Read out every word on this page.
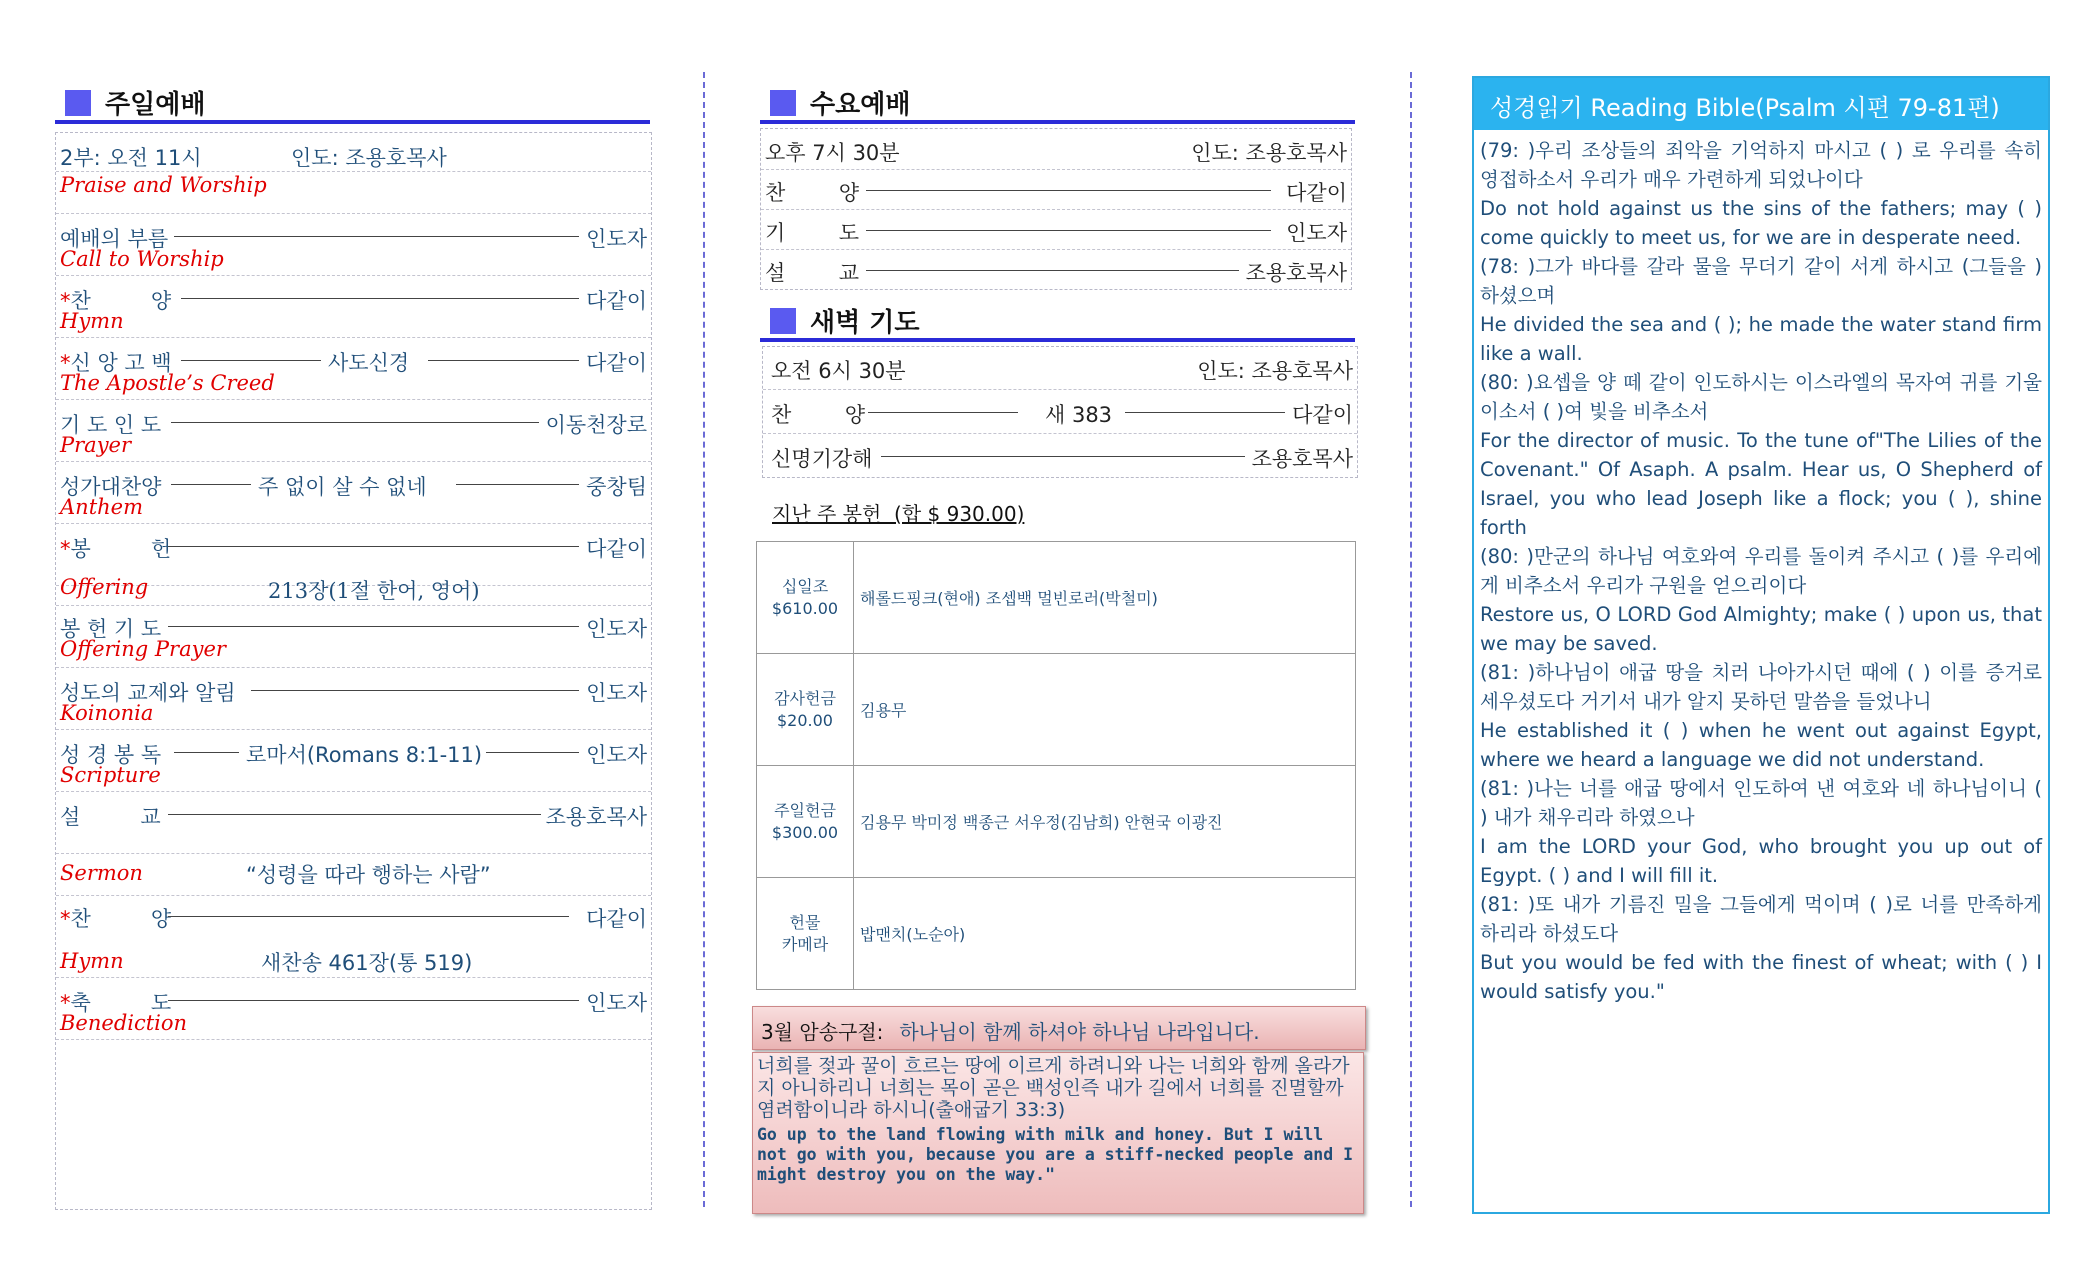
주일예배
2부: 오전 11시	인도: 조용호목사
Praise and Worship
예배의 부름	인도자
Call to Worship
*찬         양	다같이
Hymn
*신 앙 고 백	사도신경	다같이
The Apostle’s Creed
기 도 인 도	이동천장로
Prayer
성가대찬양	주 없이 살 수 없네	중창팀
Anthem
*봉         헌	다같이
Offering	213장(1절 한어, 영어)
봉 헌 기 도	인도자
Offering Prayer
성도의 교제와 알림	인도자
Koinonia
성 경 봉 독	로마서(Romans 8:1-11)	인도자
Scripture
설         교	조용호목사
Sermon	“성령을 따라 행하는 사람”
*찬         양	다같이
Hymn	새찬송 461장(통 519)
*축         도	인도자
Benediction
수요예배
오후 7시 30분	인도: 조용호목사
찬        양	다같이
기        도	인도자
설        교	조용호목사
새벽 기도
오전 6시 30분	인도: 조용호목사
찬        양	새 383	다같이
신명기강해	조용호목사
지난 주 봉헌  (합 $ 930.00)
십일조
$610.00	해롤드핑크(현애) 조셉백 멀빈로러(박철미)
감사헌금
$20.00	김용무
주일헌금
$300.00	김용무 박미정 백종근 서우정(김남희) 안현국 이광진
헌물
카메라	밥맨치(노순아)
3월 암송구절: 하나님이 함께 하셔야 하나님 나라입니다.
너희를 젖과 꿀이 흐르는 땅에 이르게 하려니와 나는 너희와 함께 올라가지 아니하리니 너희는 목이 곧은 백성인즉 내가 길에서 너희를 진멸할까 염려함이니라 하시니(출애굽기 33:3)
Go up to the land flowing with milk and honey. But I will not go with you, because you are a stiff-necked people and I might destroy you on the way."
성경읽기 Reading Bible(Psalm 시편 79-81편)

(79: )우리 조상들의 죄악을 기억하지 마시고 ( ) 로 우리를 속히 영접하소서 우리가 매우 가련하게 되었나이다

Do not hold against us the sins of the fathers; may ( ) come quickly to meet us, for we are in desperate need.

(78: )그가 바다를 갈라 물을 무더기 같이 서게 하시고 (그들을 ) 하셨으며

He divided the sea and ( ); he made the water stand firm like a wall.

(80: )요셉을 양 떼 같이 인도하시는 이스라엘의 목자여 귀를 기울이소서 ( )여 빛을 비추소서

For the director of music. To the tune of"The Lilies of the Covenant." Of Asaph. A psalm. Hear us, O Shepherd of Israel, you who lead Joseph like a flock; you ( ), shine forth

(80: )만군의 하나님 여호와여 우리를 돌이켜 주시고 ( )를 우리에게 비추소서 우리가 구원을 얻으리이다

Restore us, O LORD God Almighty; make ( ) upon us, that we may be saved.

(81: )하나님이 애굽 땅을 치러 나아가시던 때에 ( ) 이를 증거로 세우셨도다 거기서 내가 알지 못하던 말씀을 들었나니

He established it ( ) when he went out against Egypt, where we heard a language we did not understand.

(81: )나는 너를 애굽 땅에서 인도하여 낸 여호와 네 하나님이니 ( ) 내가 채우리라 하였으나

I am the LORD your God, who brought you up out of Egypt. ( ) and I will fill it.

(81: )또 내가 기름진 밀을 그들에게 먹이며 ( )로 너를 만족하게 하리라 하셨도다

But you would be fed with the finest of wheat; with ( ) I would satisfy you."
